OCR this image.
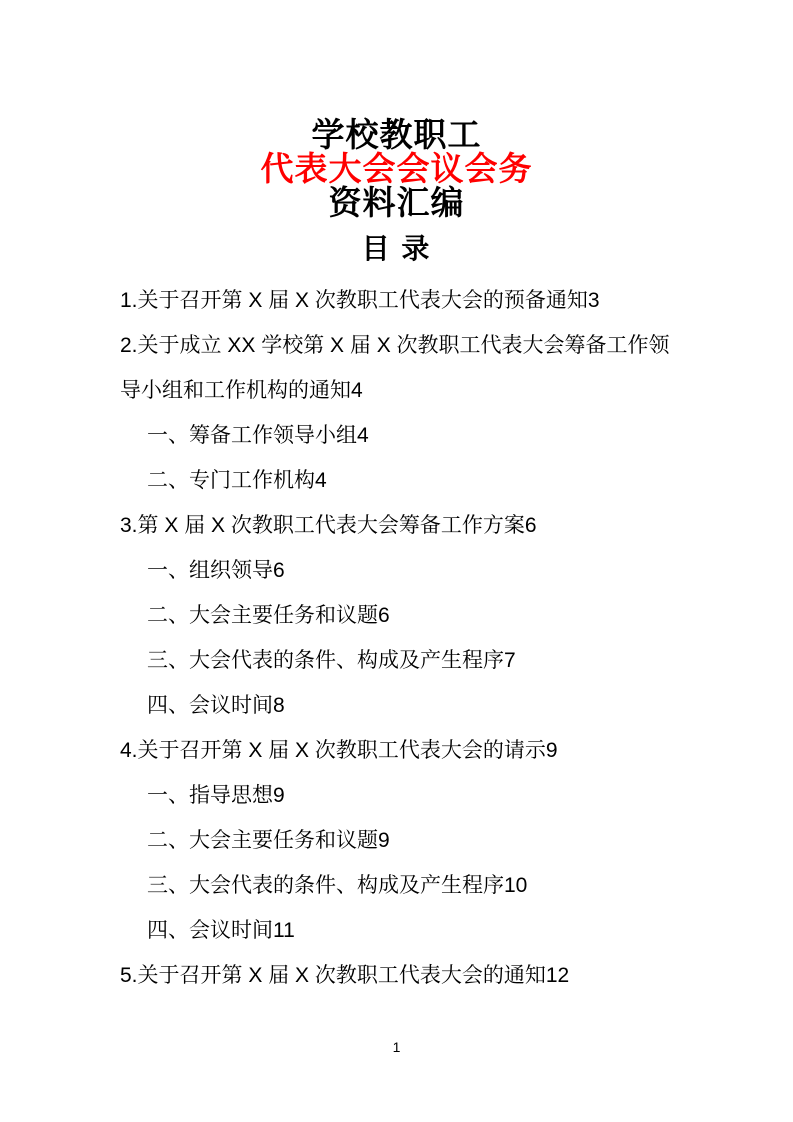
学校教职工
代表大会会议会务
资料汇编
目 录
1.关于召开第 X 届 X 次教职工代表大会的预备通知3
2.关于成立 XX 学校第 X 届 X 次教职工代表大会筹备工作领导小组和工作机构的通知4
一、筹备工作领导小组4
二、专门工作机构4
3.第 X 届 X 次教职工代表大会筹备工作方案6
一、组织领导6
二、大会主要任务和议题6
三、大会代表的条件、构成及产生程序7
四、会议时间8
4.关于召开第 X 届 X 次教职工代表大会的请示9
一、指导思想9
二、大会主要任务和议题9
三、大会代表的条件、构成及产生程序10
四、会议时间11
5.关于召开第 X 届 X 次教职工代表大会的通知12
1
